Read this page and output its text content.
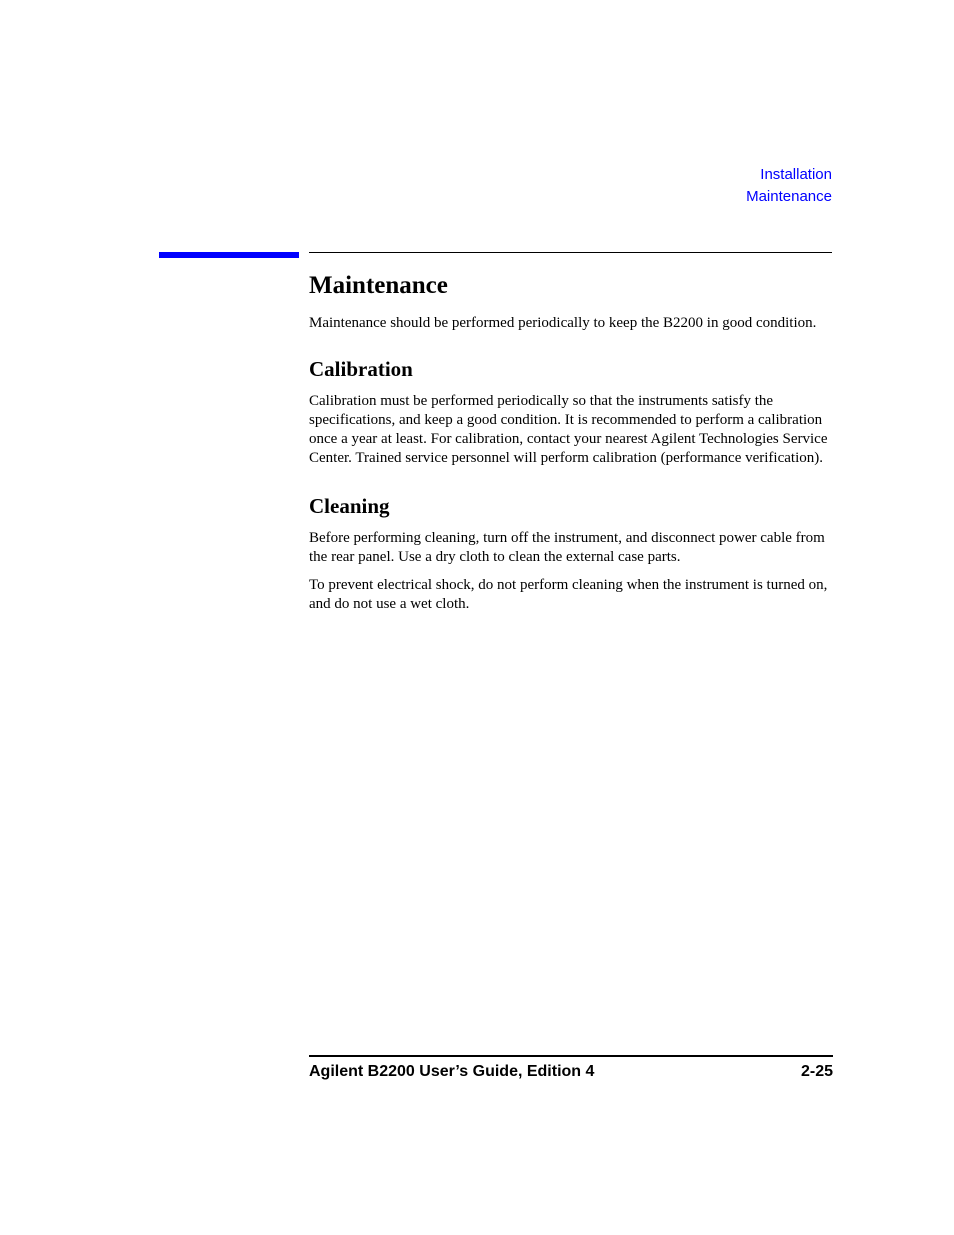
Installation
Maintenance
Maintenance

Maintenance should be performed periodically to keep the B2200 in good condition.

Calibration

Calibration must be performed periodically so that the instruments satisfy the specifications, and keep a good condition. It is recommended to perform a calibration once a year at least. For calibration, contact your nearest Agilent Technologies Service Center. Trained service personnel will perform calibration (performance verification).

Cleaning

Before performing cleaning, turn off the instrument, and disconnect power cable from the rear panel. Use a dry cloth to clean the external case parts.

To prevent electrical shock, do not perform cleaning when the instrument is turned on, and do not use a wet cloth.

Agilent B2200 User’s Guide, Edition 4	2-25
